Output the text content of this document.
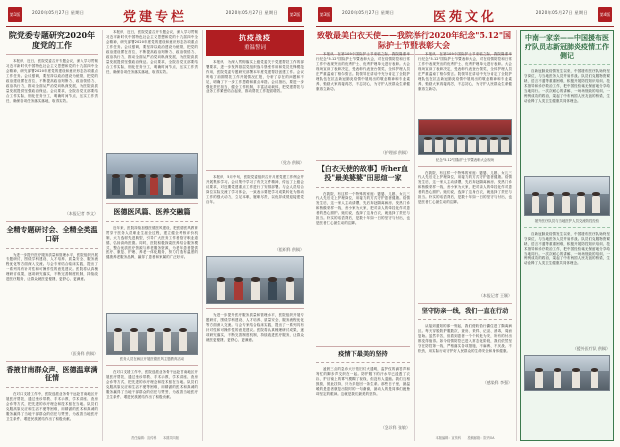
第1版	2020年05月27日 星期日	党建专栏	2020年05月27日 星期日	第2版
院党委专题研究2020年度党的工作
本报讯　近日，医院党委召开专题会议，深入学习贯彻习近平新时代中国特色社会主义思想和党的十九届四中全会精神，研究部署2020年度党的建设和意识形态各项重点工作任务。会议强调，要坚持以政治建设为统领，把党的政治建设摆在首位，不断提高政治判断力、政治领悟力、政治执行力，推动全面从严治党向纵深发展，为医院高质量发展提供坚强政治保证。会议要求，全院各党支部要结合工作实际，细化任务分工，明确时间节点，压实工作责任，确保各项任务落实落地，取得实效。
（本报记者 李文）
全精专题研讨会、全精全类温口研
为进一步提升医疗服务质量和管理水平，医院组织开展专题研讨，围绕学科建设、人才培养、质量安全、服务流程优化等方面深入交流。与会专家结合临床实践，提出了一系列具有针对性和可操作性的意见建议。医院将认真梳理研讨成果，逐项研究落实，不断完善制度机制，持续改进医疗服务，让群众就医更便捷、更舒心、更满意。
（医务科 供稿）
香掖甘南群众声、医德温章满征情
在对口支援工作中，医院选派业务骨干远赴甘南地区开展医疗帮扶，通过坐诊带教、手术示教、学术讲座、查房会诊等方式，把先进的诊疗理念和技术留在当地。队员们克服高原反应和生活不便等困难，用精湛的医术和真诚的服务赢得了当地干部群众的信任与赞誉，为改善当地医疗卫生条件、增进民族团结作出了积极贡献。
本报讯　近日，医院党委召开专题会议，深入学习贯彻习近平新时代中国特色社会主义思想和党的十九届四中全会精神，研究部署2020年度党的建设和意识形态各项重点工作任务。会议强调，要坚持以政治建设为统领，把党的政治建设摆在首位，不断提高政治判断力、政治领悟力、政治执行力，推动全面从严治党向纵深发展，为医院高质量发展提供坚强政治保证。会议要求，全院各党支部要结合工作实际，细化任务分工，明确时间节点，压实工作责任，确保各项任务落实落地，取得实效。
医德医风篇、医养交融篇
近年来，医院持续加强医德医风建设，把医德医风教育贯穿于医务人员职业生涯全过程，建立健全考核评价机制，大力选树先进典型，引导广大医务工作者恪守职业道德、弘扬高尚医德。同时，医院积极探索医养结合服务模式，整合优质医疗资源与养老服务资源，为老年患者提供医疗、康复、护理、养老一体化服务，努力打造有温度的健康养老服务品牌，赢得了患者和家属的广泛好评。
医务人员在病区开展医德医风主题教育活动
在对口支援工作中，医院选派业务骨干远赴甘南地区开展医疗帮扶，通过坐诊带教、手术示教、学术讲座、查房会诊等方式，把先进的诊疗理念和技术留在当地。队员们克服高原反应和生活不便等困难，用精湛的医术和真诚的服务赢得了当地干部群众的信任与赞誉，为改善当地医疗卫生条件、增进民族团结作出了积极贡献。
抗疫战疫
重温誓词
本报讯　为深入贯彻落实上级党委关于党建帮扶工作的部署要求，进一步发挥基层党组织战斗堡垒作用和党员先锋模范作用，医院党委专题研究部署本年度党建帮扶创建工作。会议听取了前期帮扶工作开展情况汇报，分析了存在的问题和不足，明确了下一步工作思路和重点举措。会议指出，要进一步强化责任担当，健全工作机制，丰富活动载体，把党建帮扶与业务工作紧密结合起来，推动帮扶工作提质增效。
（党办 供稿）
本报讯　5月中旬，医院党委组织召开月度党建工作例会并开展集体学习。会议集中学习了有关文件精神，传达了上级会议要求，对近期党建重点工作进行了安排部署。与会人员结合岗位实际交流了学习体会，一致表示要把学习成果转化为推动工作的强大动力，立足本职、履职尽责，以优异成绩迎接建党百年。
（组织科 供稿）
为进一步提升医疗服务质量和管理水平，医院组织开展专题研讨，围绕学科建设、人才培养、质量安全、服务流程优化等方面深入交流。与会专家结合临床实践，提出了一系列具有针对性和可操作性的意见建议。医院将认真梳理研讨成果，逐项研究落实，不断完善制度机制，持续改进医疗服务，让群众就医更便捷、更舒心、更满意。
责任编辑：宣传科　　本期共四版
第3版	2020年05月27日 星期日	医苑文化	2020年05月27日 星期日	第4版
致敬最美白衣天使——我院举行2020年纪念"5.12"国际护士节暨表彰大会
本报讯　在第109个国际护士节来临之际，我院隆重举行纪念"5.12"国际护士节暨表彰大会，对在疫情防控和日常工作中表现突出的优秀护士、优秀护理单元进行表彰。大会现场宣读了表彰决定，受表彰代表登台领奖，全体护理人员庄严重温南丁格尔誓言。院领导在讲话中充分肯定了全院护理队伍在抗击新冠肺炎疫情中展现出的敬业精神和专业素养，勉励大家再接再厉，不忘初心，为守护人民群众生命健康再立新功。
（护理部 供稿）
【白衣天使的故事】听her血投"最美婆婆"田思煊一家
在我院，有这样一个特殊的家庭：婆婆、儿媳、女儿三代人先后走上护理岗位，用接力的方式守护患者健康。疫情发生后，这一家人主动请缨，先后奔赴隔离病房、发热门诊和核酸采样一线，舍小家为大家，把对亲人的牵挂化作对患者的悉心照护。她们说，选择了这身白衣，就选择了责任与担当。朴实的话语背后，是数十年如一日的坚守与付出，也是医者仁心最生动的注脚。
疫情下最美的坚持
凌晨三点的急诊大厅依旧灯火通明，监护仪的滴答声和匆忙的脚步声交织在一起。防护服下的汗水早已浸透了衣衫，护目镜上的雾气模糊了视线，但没有人退缩。我们互相鼓励，彼此扶持，只为多抢回一条生命。那些日子里，最温暖的是患者康复出院时的一句谢谢，最动人的是同事们疲惫却坚定的眼神。这就是我们最美的坚持。
（急诊科 张敏）
本报讯　在第109个国际护士节来临之际，我院隆重举行纪念"5.12"国际护士节暨表彰大会，对在疫情防控和日常工作中表现突出的优秀护士、优秀护理单元进行表彰。大会现场宣读了表彰决定，受表彰代表登台领奖，全体护理人员庄严重温南丁格尔誓言。院领导在讲话中充分肯定了全院护理队伍在抗击新冠肺炎疫情中展现出的敬业精神和专业素养，勉励大家再接再厉，不忘初心，为守护人民群众生命健康再立新功。
纪念"5.12"国际护士节暨表彰大会现场
在我院，有这样一个特殊的家庭：婆婆、儿媳、女儿三代人先后走上护理岗位，用接力的方式守护患者健康。疫情发生后，这一家人主动请缨，先后奔赴隔离病房、发热门诊和核酸采样一线，舍小家为大家，把对亲人的牵挂化作对患者的悉心照护。她们说，选择了这身白衣，就选择了责任与担当。朴实的话语背后，是数十年如一日的坚守与付出，也是医者仁心最生动的注脚。
（本报记者 王颖）
坚守防亲一线，我们一直在行动
从接到通知的那一刻起，我们便收拾行囊住进了隔离病区。每天穿脱防护服数次，查房、采样、记录、消毒，周而复始。虽然辛苦，但看到患者一个个转危为安，所有的付出都变得值得。如今疫情防控已进入常态化阶段，我们依然坚守在防控第一线，严格落实各项措施，不麻痹、不厌战、不松劲，用实际行动守护好人民群众的生命安全和身体健康。
（感染科 李强）
中南一家亲——中国援布医疗队员志新冠肺炎疫情工作侧记
自新冠肺炎疫情发生以来，中国援布医疗队始终坚守岗位，与当地医务人员并肩作战。队员们克服物资紧缺、语言不通等重重困难，积极开展防控知识培训、技术指导和诊疗救治工作，把中国经验毫无保留地分享给当地同行。一次次耐心的讲解、一场场细致的培训、一例例成功的救治，架起了中布两国人民友谊的桥梁，生动诠释了人类卫生健康共同体理念。
援外医疗队员与当地医护人员交流防控经验
自新冠肺炎疫情发生以来，中国援布医疗队始终坚守岗位，与当地医务人员并肩作战。队员们克服物资紧缺、语言不通等重重困难，积极开展防控知识培训、技术指导和诊疗救治工作，把中国经验毫无保留地分享给当地同行。一次次耐心的讲解、一场场细致的培训、一例例成功的救治，架起了中布两国人民友谊的桥梁，生动诠释了人类卫生健康共同体理念。
（援外医疗队 供稿）
本版编辑：宣传科　　投稿邮箱：院内OA
